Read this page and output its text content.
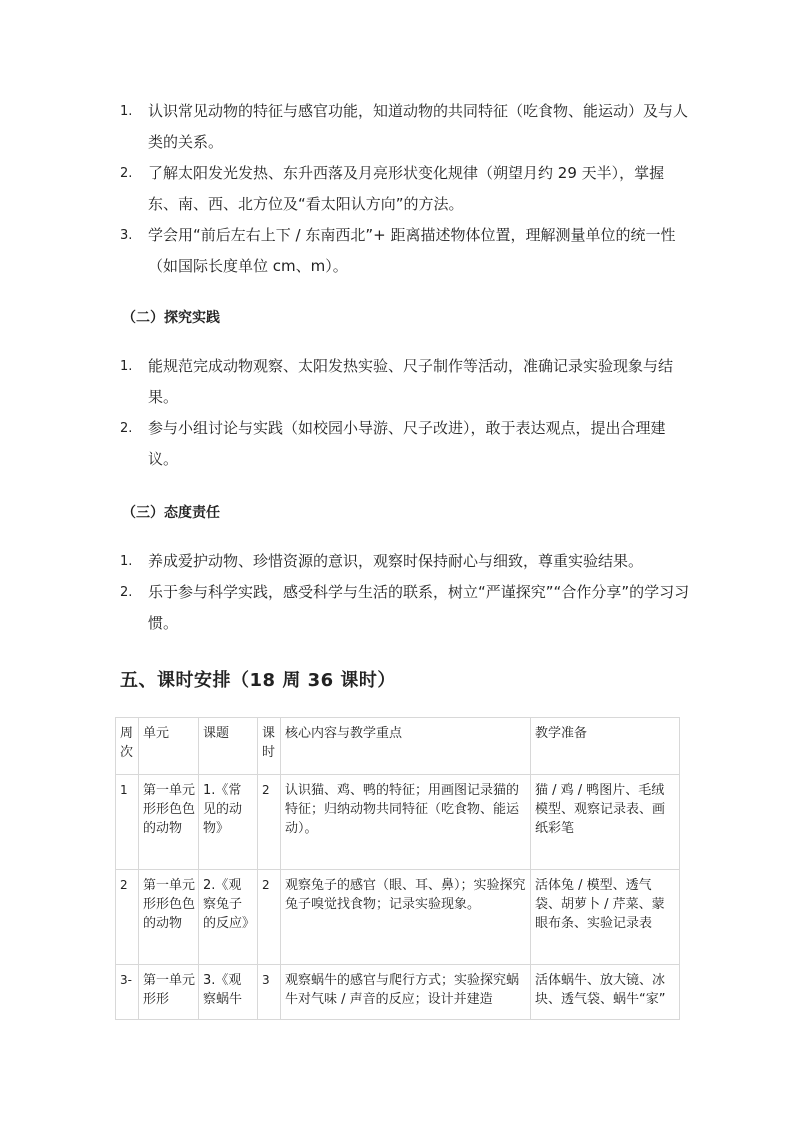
1. 认识常见动物的特征与感官功能，知道动物的共同特征（吃食物、能运动）及与人类的关系。
2. 了解太阳发光发热、东升西落及月亮形状变化规律（朔望月约 29 天半），掌握东、南、西、北方位及“看太阳认方向”的方法。
3. 学会用“前后左右上下 / 东南西北”+ 距离描述物体位置，理解测量单位的统一性（如国际长度单位 cm、m）。
（二）探究实践
1. 能规范完成动物观察、太阳发热实验、尺子制作等活动，准确记录实验现象与结果。
2. 参与小组讨论与实践（如校园小导游、尺子改进），敢于表达观点，提出合理建议。
（三）态度责任
1. 养成爱护动物、珍惜资源的意识，观察时保持耐心与细致，尊重实验结果。
2. 乐于参与科学实践，感受科学与生活的联系，树立“严谨探究”“合作分享”的学习习惯。
五、课时安排（18 周 36 课时）
周次	单元	课题	课时	核心内容与教学重点	教学准备
1	第一单元 形形色色的动物	1.《常见的动物》	2	认识猫、鸡、鸭的特征；用画图记录猫的特征；归纳动物共同特征（吃食物、能运动）。	猫 / 鸡 / 鸭图片、毛绒模型、观察记录表、画纸彩笔
2	第一单元 形形色色的动物	2.《观察兔子的反应》	2	观察兔子的感官（眼、耳、鼻）；实验探究兔子嗅觉找食物；记录实验现象。	活体兔 / 模型、透气袋、胡萝卜 / 芹菜、蒙眼布条、实验记录表
3-	第一单元 形形	3.《观察蜗牛	3	观察蜗牛的感官与爬行方式；实验探究蜗牛对气味 / 声音的反应；设计并建造	活体蜗牛、放大镜、冰块、透气袋、蜗牛“家”
